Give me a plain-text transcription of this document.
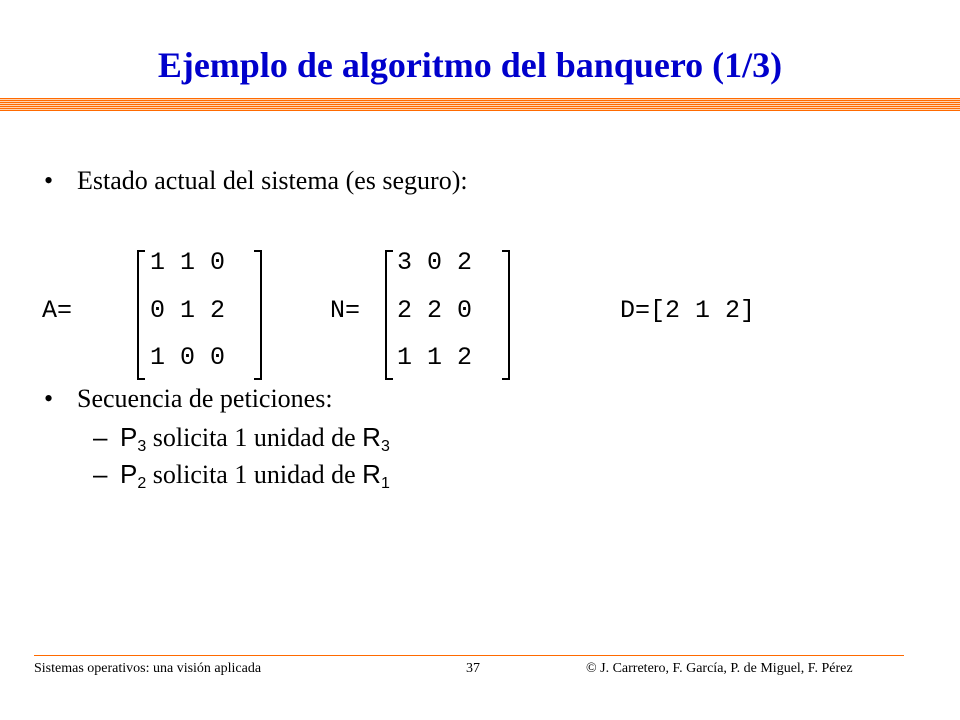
Ejemplo de algoritmo del banquero (1/3)
• Estado actual del sistema (es seguro):
A=
1 1 0
0 1 2
1 0 0
N=
3 0 2
2 2 0
1 1 2
D=[2 1 2]
• Secuencia de peticiones:
– $P_3$ solicita 1 unidad de $R_3$
– $P_2$ solicita 1 unidad de $R_1$
Sistemas operativos: una visión aplicada	37	© J. Carretero, F. García, P. de Miguel, F. Pérez
